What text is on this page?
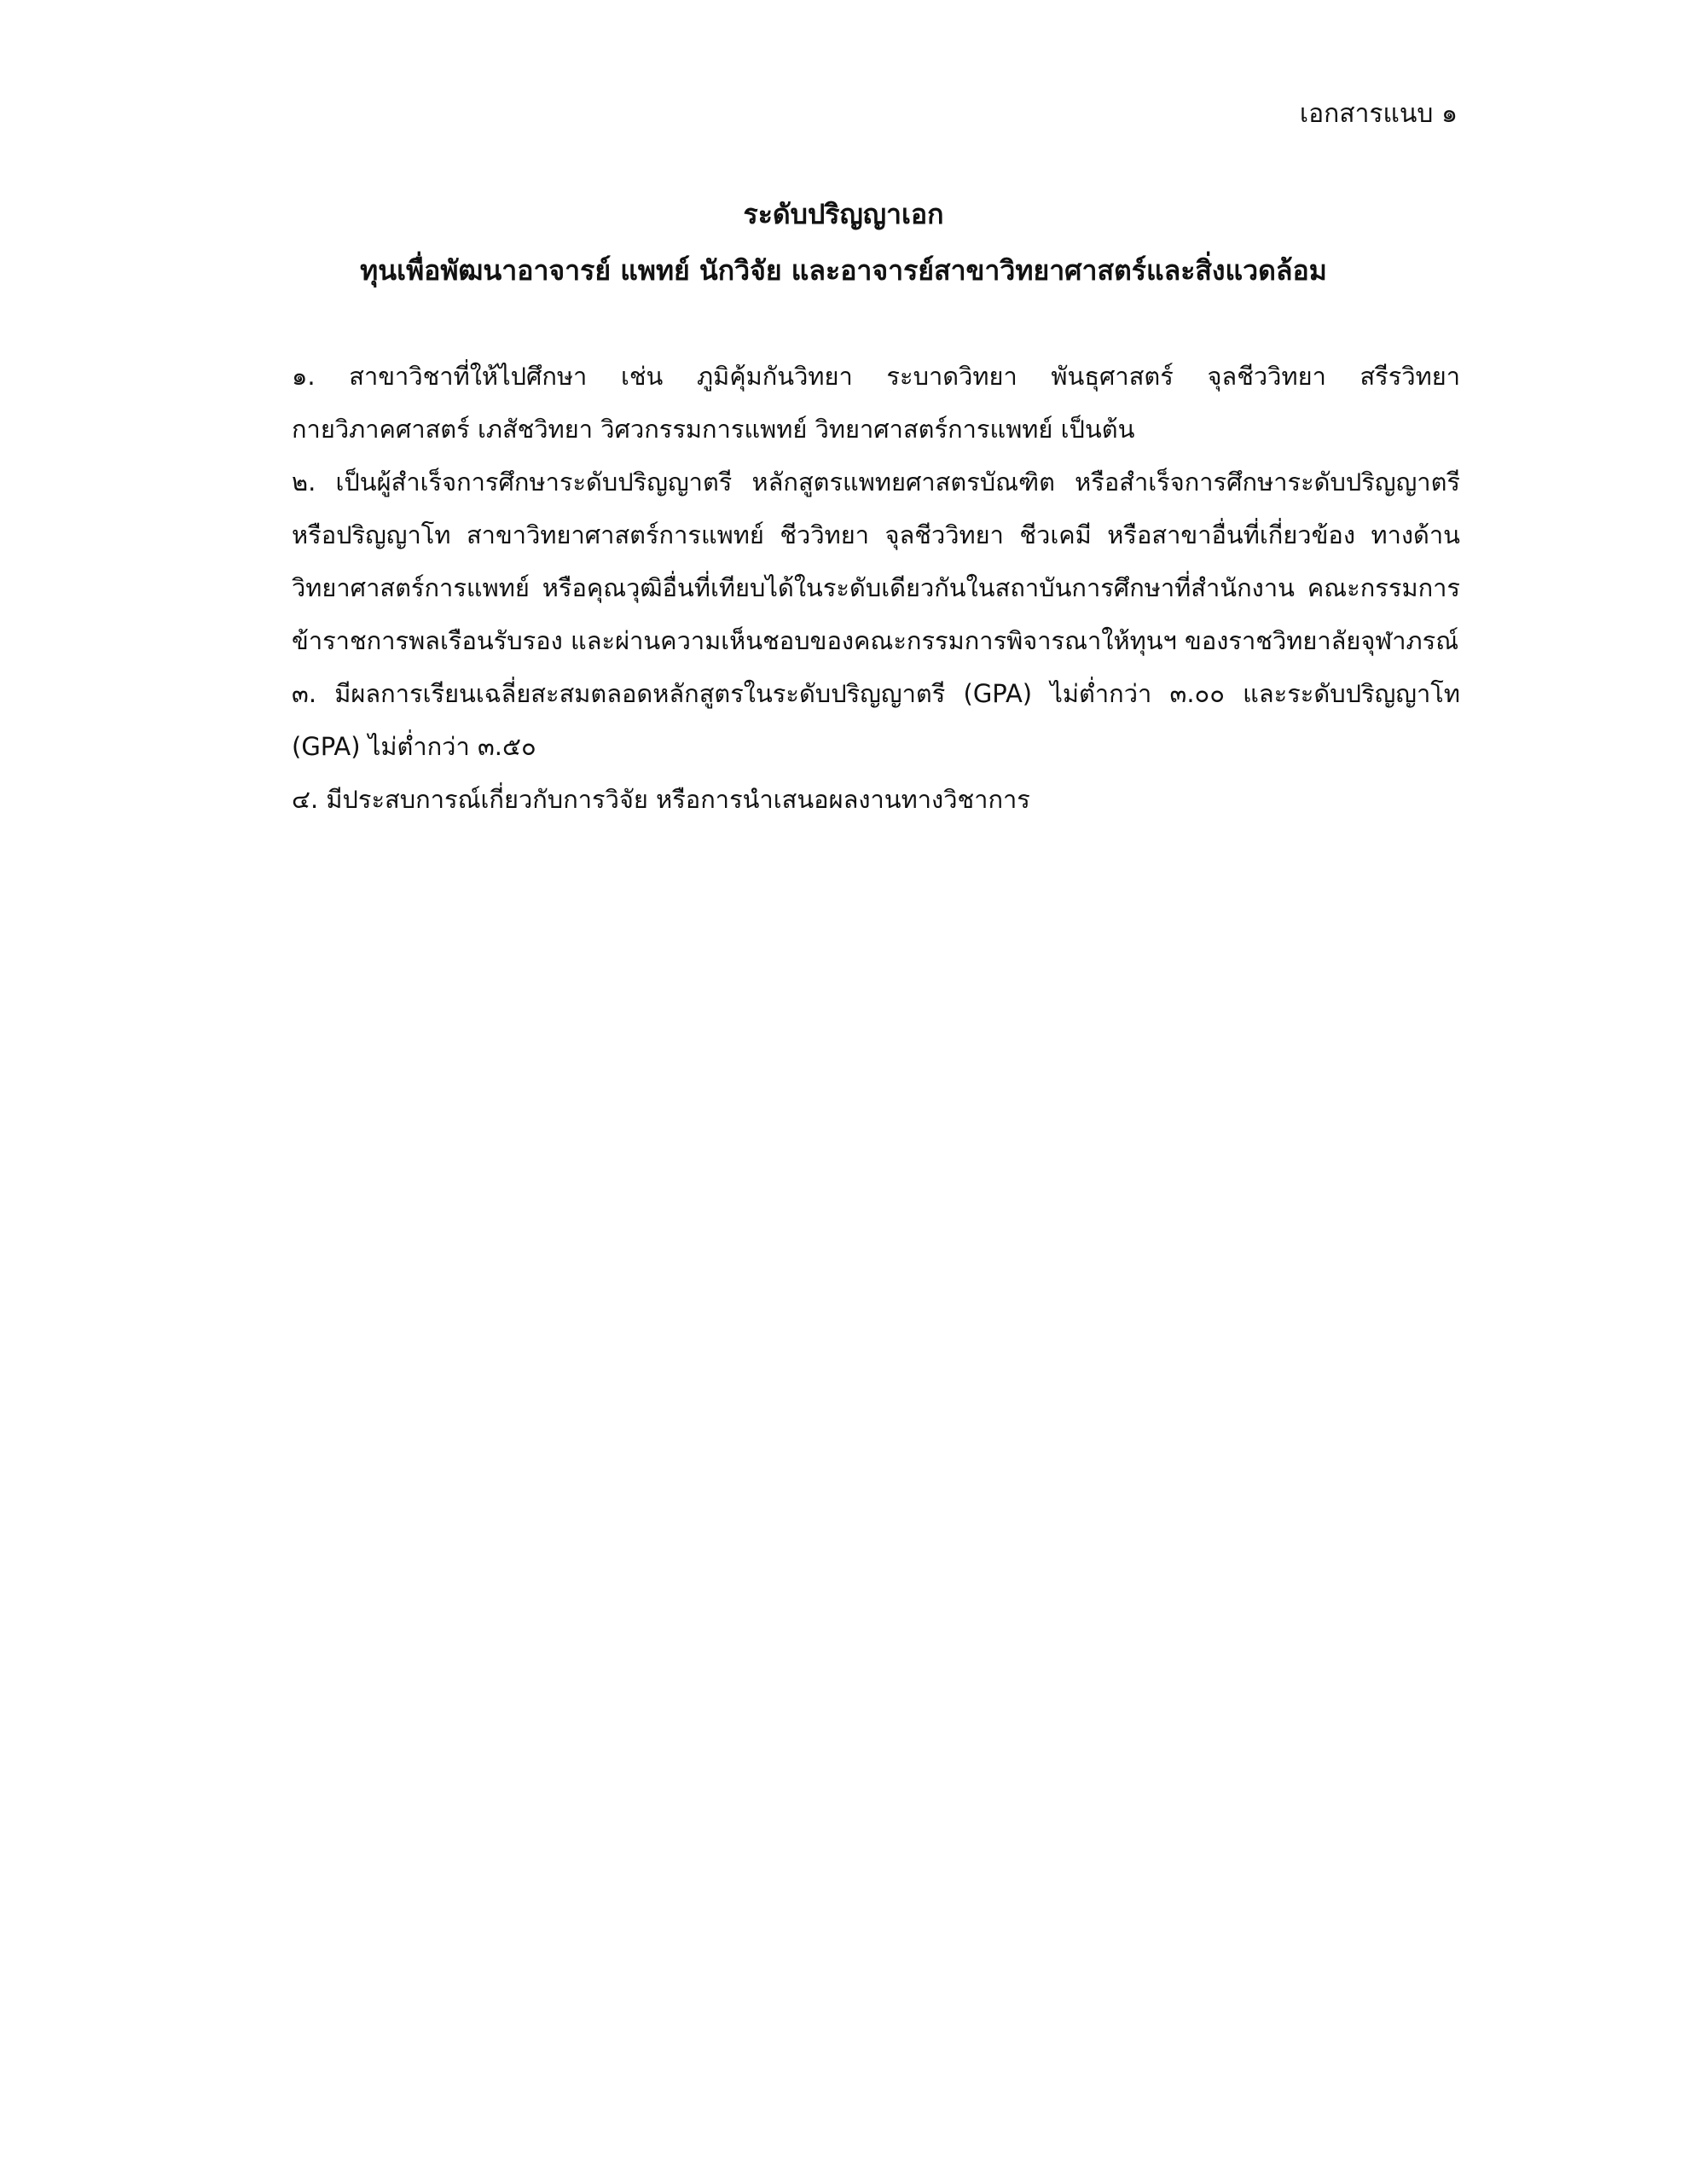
เอกสารแนบ ๑
ระดับปริญญาเอก
ทุนเพื่อพัฒนาอาจารย์ แพทย์ นักวิจัย และอาจารย์สาขาวิทยาศาสตร์และสิ่งแวดล้อม

๑. สาขาวิชาที่ให้ไปศึกษา เช่น ภูมิคุ้มกันวิทยา ระบาดวิทยา พันธุศาสตร์ จุลชีววิทยา สรีรวิทยา กายวิภาคศาสตร์ เภสัชวิทยา วิศวกรรมการแพทย์ วิทยาศาสตร์การแพทย์ เป็นต้น

๒. เป็นผู้สำเร็จการศึกษาระดับปริญญาตรี หลักสูตรแพทยศาสตรบัณฑิต หรือสำเร็จการศึกษาระดับปริญญาตรี หรือปริญญาโท สาขาวิทยาศาสตร์การแพทย์ ชีววิทยา จุลชีววิทยา ชีวเคมี หรือสาขาอื่นที่เกี่ยวข้อง ทางด้านวิทยาศาสตร์การแพทย์ หรือคุณวุฒิอื่นที่เทียบได้ในระดับเดียวกันในสถาบันการศึกษาที่สำนักงาน คณะกรรมการข้าราชการพลเรือนรับรอง และผ่านความเห็นชอบของคณะกรรมการพิจารณาให้ทุนฯ ของราชวิทยาลัยจุฬาภรณ์

๓. มีผลการเรียนเฉลี่ยสะสมตลอดหลักสูตรในระดับปริญญาตรี (GPA) ไม่ต่ำกว่า ๓.๐๐ และระดับปริญญาโท (GPA) ไม่ต่ำกว่า ๓.๕๐

๔. มีประสบการณ์เกี่ยวกับการวิจัย หรือการนำเสนอผลงานทางวิชาการ
